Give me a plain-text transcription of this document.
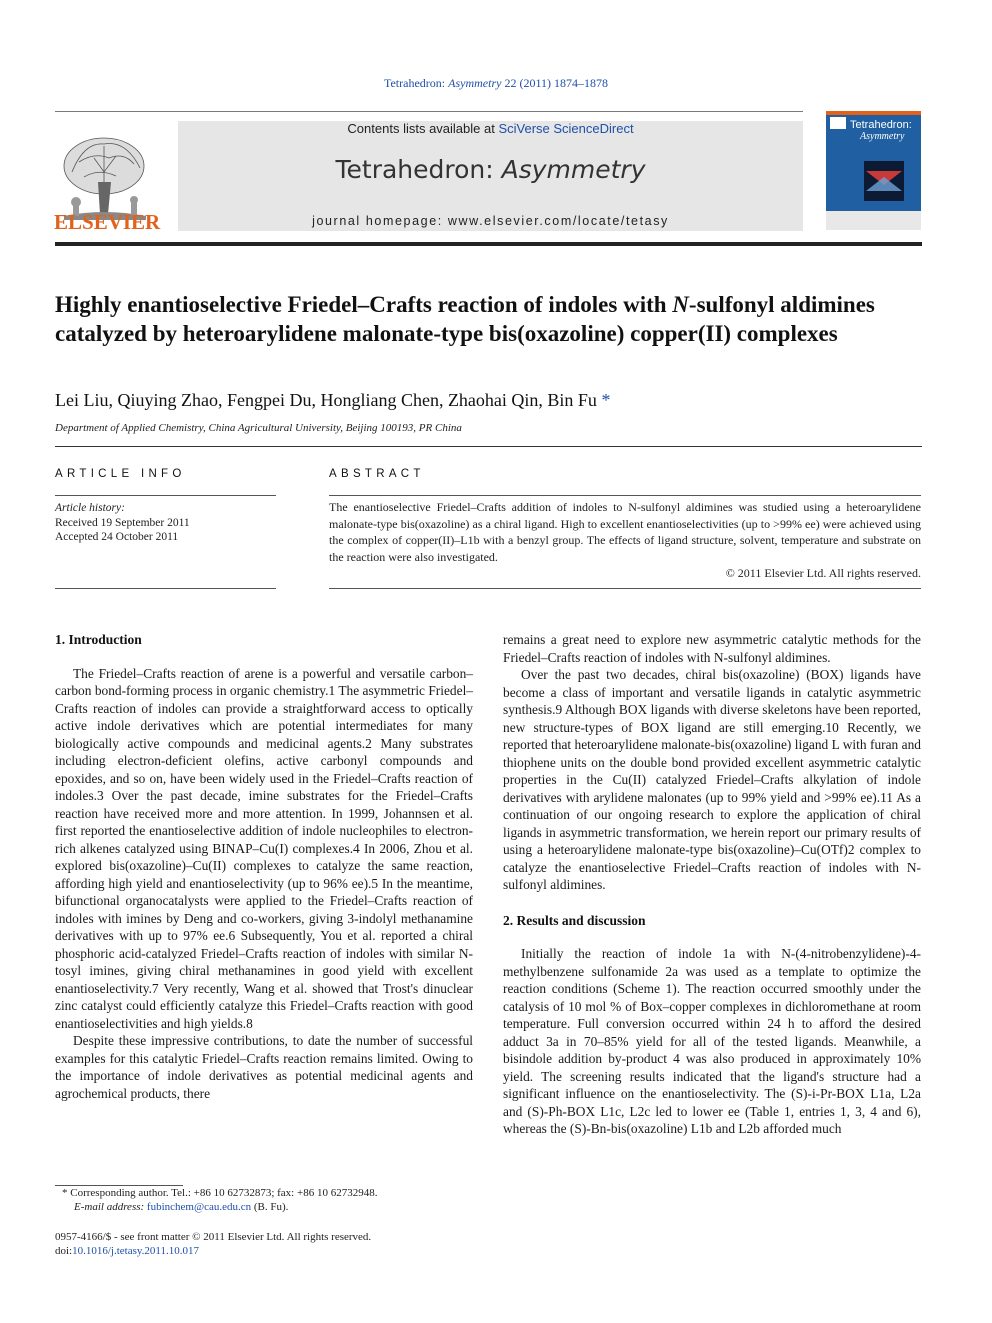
Tetrahedron: Asymmetry 22 (2011) 1874–1878
ELSEVIER
Contents lists available at SciVerse ScienceDirect
Tetrahedron: Asymmetry
journal homepage: www.elsevier.com/locate/tetasy
Tetrahedron:
Asymmetry
Highly enantioselective Friedel–Crafts reaction of indoles with N-sulfonyl aldimines catalyzed by heteroarylidene malonate-type bis(oxazoline) copper(II) complexes
Lei Liu, Qiuying Zhao, Fengpei Du, Hongliang Chen, Zhaohai Qin, Bin Fu *
Department of Applied Chemistry, China Agricultural University, Beijing 100193, PR China
ARTICLE INFO
Article history:
Received 19 September 2011
Accepted 24 October 2011
ABSTRACT
The enantioselective Friedel–Crafts addition of indoles to N-sulfonyl aldimines was studied using a heteroarylidene malonate-type bis(oxazoline) as a chiral ligand. High to excellent enantioselectivities (up to >99% ee) were achieved using the complex of copper(II)–L1b with a benzyl group. The effects of ligand structure, solvent, temperature and substrate on the reaction were also investigated.
© 2011 Elsevier Ltd. All rights reserved.
1. Introduction

The Friedel–Crafts reaction of arene is a powerful and versatile carbon–carbon bond-forming process in organic chemistry.1 The asymmetric Friedel–Crafts reaction of indoles can provide a straightforward access to optically active indole derivatives which are potential intermediates for many biologically active compounds and medicinal agents.2 Many substrates including electron-deficient olefins, active carbonyl compounds and epoxides, and so on, have been widely used in the Friedel–Crafts reaction of indoles.3 Over the past decade, imine substrates for the Friedel–Crafts reaction have received more and more attention. In 1999, Johannsen et al. first reported the enantioselective addition of indole nucleophiles to electron-rich alkenes catalyzed using BINAP–Cu(I) complexes.4 In 2006, Zhou et al. explored bis(oxazoline)–Cu(II) complexes to catalyze the same reaction, affording high yield and enantioselectivity (up to 96% ee).5 In the meantime, bifunctional organocatalysts were applied to the Friedel–Crafts reaction of indoles with imines by Deng and co-workers, giving 3-indolyl methanamine derivatives with up to 97% ee.6 Subsequently, You et al. reported a chiral phosphoric acid-catalyzed Friedel–Crafts reaction of indoles with similar N-tosyl imines, giving chiral methanamines in good yield with excellent enantioselectivity.7 Very recently, Wang et al. showed that Trost's dinuclear zinc catalyst could efficiently catalyze this Friedel–Crafts reaction with good enantioselectivities and high yields.8

Despite these impressive contributions, to date the number of successful examples for this catalytic Friedel–Crafts reaction remains limited. Owing to the importance of indole derivatives as potential medicinal agents and agrochemical products, there

remains a great need to explore new asymmetric catalytic methods for the Friedel–Crafts reaction of indoles with N-sulfonyl aldimines.

Over the past two decades, chiral bis(oxazoline) (BOX) ligands have become a class of important and versatile ligands in catalytic asymmetric synthesis.9 Although BOX ligands with diverse skeletons have been reported, new structure-types of BOX ligand are still emerging.10 Recently, we reported that heteroarylidene malonate-bis(oxazoline) ligand L with furan and thiophene units on the double bond provided excellent asymmetric catalytic properties in the Cu(II) catalyzed Friedel–Crafts alkylation of indole derivatives with arylidene malonates (up to 99% yield and >99% ee).11 As a continuation of our ongoing research to explore the application of chiral ligands in asymmetric transformation, we herein report our primary results of using a heteroarylidene malonate-type bis(oxazoline)–Cu(OTf)2 complex to catalyze the enantioselective Friedel–Crafts reaction of indoles with N-sulfonyl aldimines.

2. Results and discussion

Initially the reaction of indole 1a with N-(4-nitrobenzylidene)-4-methylbenzene sulfonamide 2a was used as a template to optimize the reaction conditions (Scheme 1). The reaction occurred smoothly under the catalysis of 10 mol % of Box–copper complexes in dichloromethane at room temperature. Full conversion occurred within 24 h to afford the desired adduct 3a in 70–85% yield for all of the tested ligands. Meanwhile, a bisindole addition by-product 4 was also produced in approximately 10% yield. The screening results indicated that the ligand's structure had a significant influence on the enantioselectivity. The (S)-i-Pr-BOX L1a, L2a and (S)-Ph-BOX L1c, L2c led to lower ee (Table 1, entries 1, 3, 4 and 6), whereas the (S)-Bn-bis(oxazoline) L1b and L2b afforded much

* Corresponding author. Tel.: +86 10 62732873; fax: +86 10 62732948.
E-mail address: fubinchem@cau.edu.cn (B. Fu).
0957-4166/$ - see front matter © 2011 Elsevier Ltd. All rights reserved.
doi:10.1016/j.tetasy.2011.10.017
